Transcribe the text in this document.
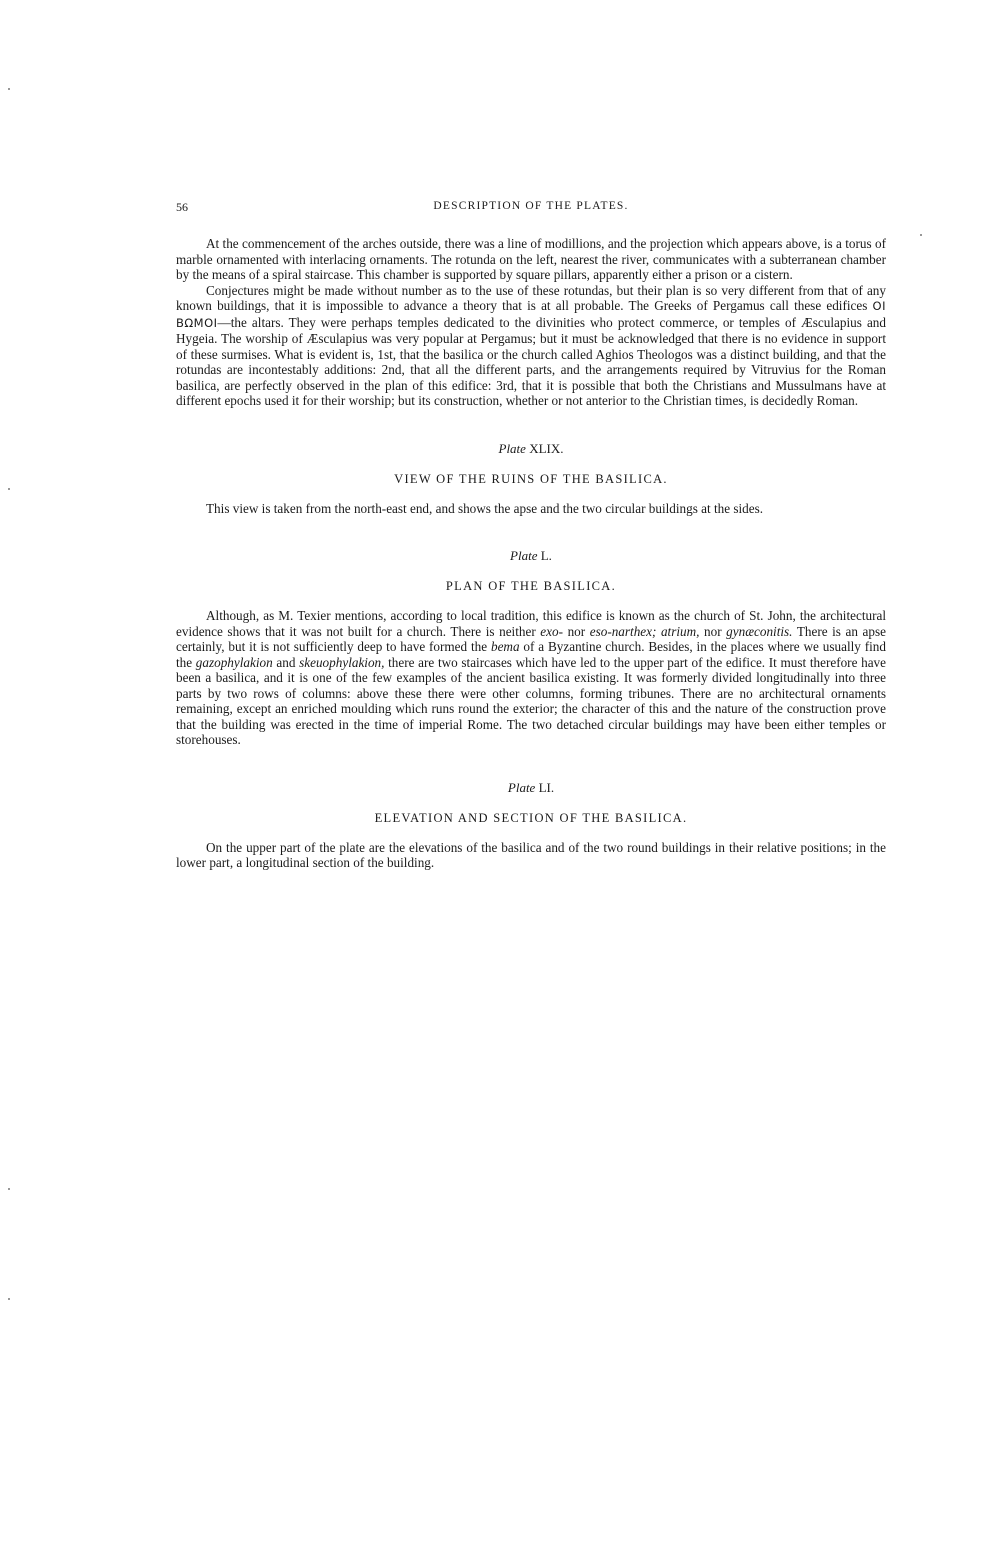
56	DESCRIPTION OF THE PLATES.

At the commencement of the arches outside, there was a line of modillions, and the projection which appears above, is a torus of marble ornamented with interlacing ornaments. The rotunda on the left, nearest the river, communicates with a subterranean chamber by the means of a spiral staircase. This chamber is supported by square pillars, apparently either a prison or a cistern.

Conjectures might be made without number as to the use of these rotundas, but their plan is so very different from that of any known buildings, that it is impossible to advance a theory that is at all probable. The Greeks of Pergamus call these edifices ΟΙ ΒΩΜΟΙ—the altars. They were perhaps temples dedicated to the divinities who protect commerce, or temples of Æsculapius and Hygeia. The worship of Æsculapius was very popular at Pergamus; but it must be acknowledged that there is no evidence in support of these surmises. What is evident is, 1st, that the basilica or the church called Aghios Theologos was a distinct building, and that the rotundas are incontestably additions: 2nd, that all the different parts, and the arrangements required by Vitruvius for the Roman basilica, are perfectly observed in the plan of this edifice: 3rd, that it is possible that both the Christians and Mussulmans have at different epochs used it for their worship; but its construction, whether or not anterior to the Christian times, is decidedly Roman.

Plate XLIX.
VIEW OF THE RUINS OF THE BASILICA.

This view is taken from the north-east end, and shows the apse and the two circular buildings at the sides.

Plate L.
PLAN OF THE BASILICA.

Although, as M. Texier mentions, according to local tradition, this edifice is known as the church of St. John, the architectural evidence shows that it was not built for a church. There is neither exo- nor eso-narthex; atrium, nor gynæconitis. There is an apse certainly, but it is not sufficiently deep to have formed the bema of a Byzantine church. Besides, in the places where we usually find the gazophylakion and skeuophylakion, there are two staircases which have led to the upper part of the edifice. It must therefore have been a basilica, and it is one of the few examples of the ancient basilica existing. It was formerly divided longitudinally into three parts by two rows of columns: above these there were other columns, forming tribunes. There are no architectural ornaments remaining, except an enriched moulding which runs round the exterior; the character of this and the nature of the construction prove that the building was erected in the time of imperial Rome. The two detached circular buildings may have been either temples or storehouses.

Plate LI.
ELEVATION AND SECTION OF THE BASILICA.

On the upper part of the plate are the elevations of the basilica and of the two round buildings in their relative positions; in the lower part, a longitudinal section of the building.
